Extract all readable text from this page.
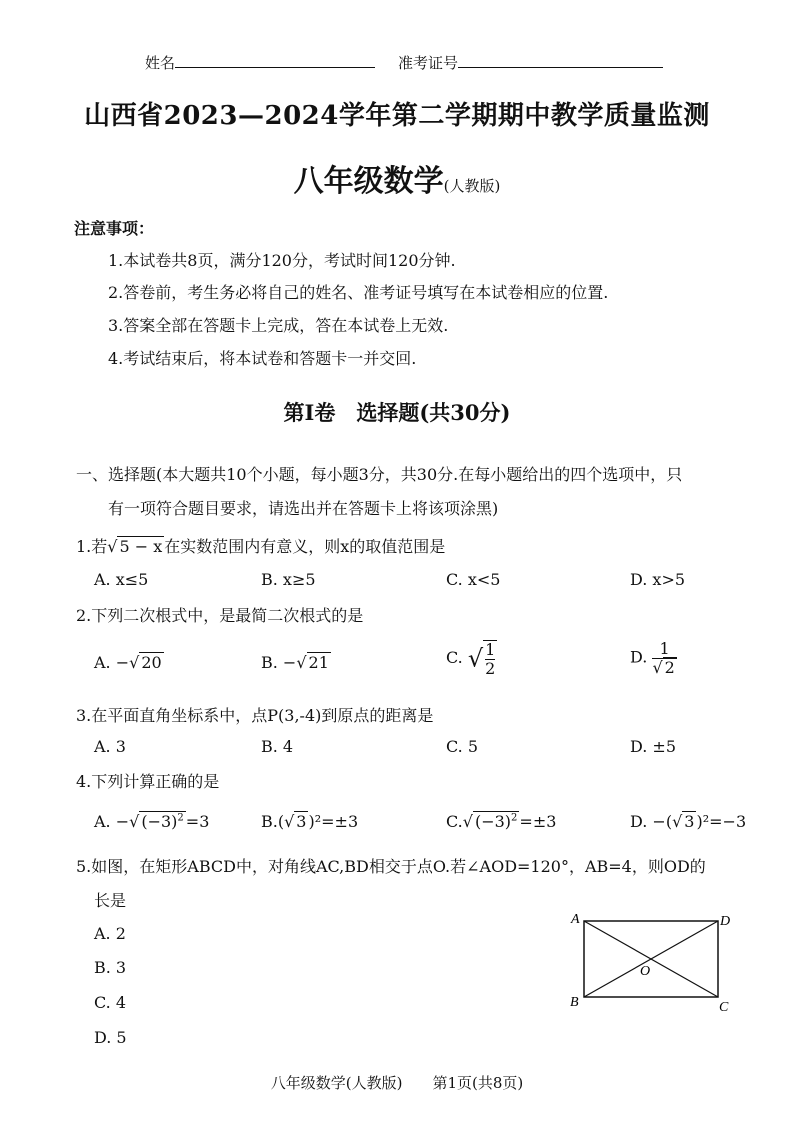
姓名	准考证号
山西省2023—2024学年第二学期期中教学质量监测
八年级数学(人教版)
注意事项：
1.本试卷共8页，满分120分，考试时间120分钟.
2.答卷前，考生务必将自己的姓名、准考证号填写在本试卷相应的位置.
3.答案全部在答题卡上完成，答在本试卷上无效.
4.考试结束后，将本试卷和答题卡一并交回.
第Ⅰ卷　选择题(共30分)
一、选择题(本大题共10个小题，每小题3分，共30分.在每小题给出的四个选项中，只
有一项符合题目要求，请选出并在答题卡上将该项涂黑)
1.若√ 5 − x 在实数范围内有意义，则x的取值范围是
A. x≤5	B. x≥5	C. x<5	D. x>5
2.下列二次根式中，是最简二次根式的是
A. −√ 20	B. −√ 21	C. √ $\frac{1}{2}$	D. $\frac{1}{√ 2}$
3.在平面直角坐标系中，点P(3,-4)到原点的距离是
A. 3	B. 4	C. 5	D. ±5
4.下列计算正确的是
A. −√ $(-3)^2 =3$	B.(√ 3 )²=±3	C.√ $(-3)^2 =\pm 3$	D. −(√ 3 )²=−3
5.如图，在矩形ABCD中，对角线AC,BD相交于点O.若∠AOD=120°，AB=4，则OD的
长是
A. 2
B. 3
C. 4
D. 5
A	D
B	C
O
八年级数学(人教版)　　第1页(共8页)
